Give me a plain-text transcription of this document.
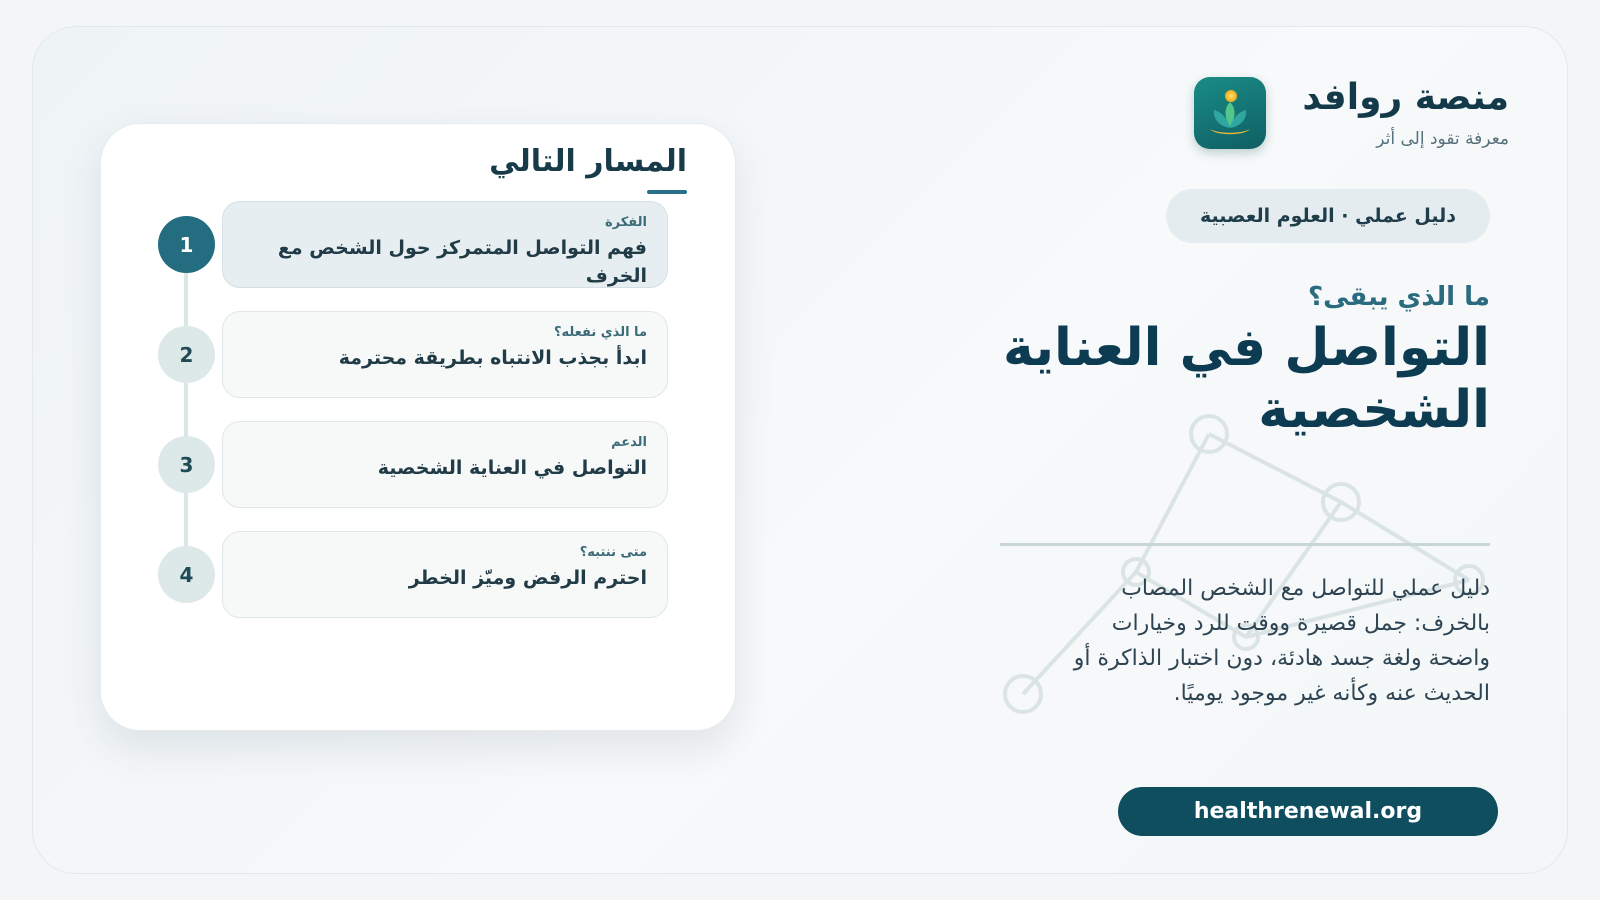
منصة روافد
معرفة تقود إلى أثر
دليل عملي · العلوم العصبية
ما الذي يبقى؟
التواصل في العناية الشخصية

دليل عملي للتواصل مع الشخص المصاب بالخرف: جمل قصيرة ووقت للرد وخيارات واضحة ولغة جسد هادئة، دون اختبار الذاكرة أو الحديث عنه وكأنه غير موجود يوميًا.

healthrenewal.org
المسار التالي
1
الفكرة
فهم التواصل المتمركز حول الشخص مع الخرف
2
ما الذي نفعله؟
ابدأ بجذب الانتباه بطريقة محترمة
3
الدعم
التواصل في العناية الشخصية
4
متى ننتبه؟
احترم الرفض وميّز الخطر
